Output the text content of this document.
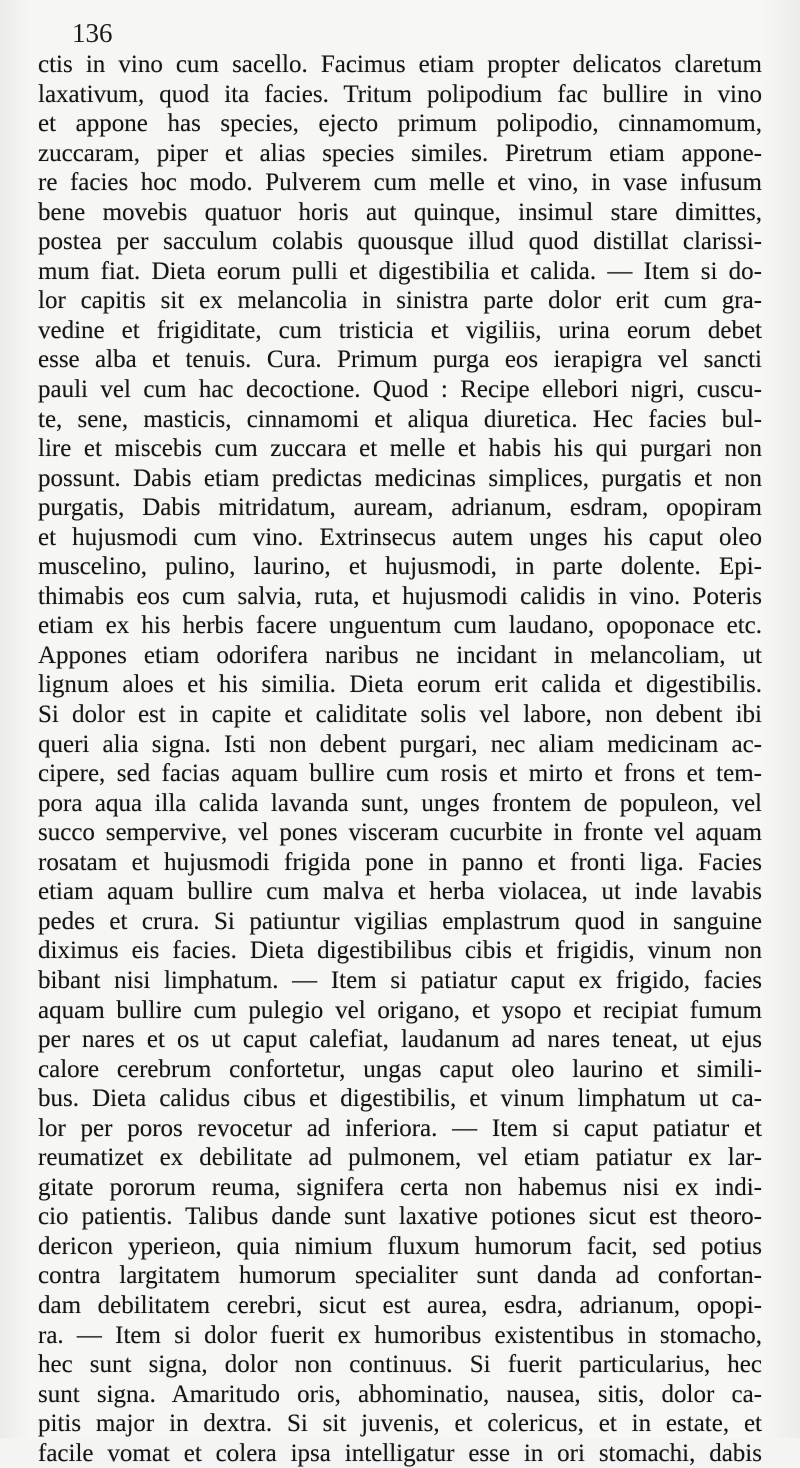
136
ctis in vino cum sacello. Facimus etiam propter delicatos claretum
laxativum, quod ita facies. Tritum polipodium fac bullire in vino
et appone has species, ejecto primum polipodio, cinnamomum,
zuccaram, piper et alias species similes. Piretrum etiam appone-
re facies hoc modo. Pulverem cum melle et vino, in vase infusum
bene movebis quatuor horis aut quinque, insimul stare dimittes,
postea per sacculum colabis quousque illud quod distillat clarissi-
mum fiat. Dieta eorum pulli et digestibilia et calida. — Item si do-
lor capitis sit ex melancolia in sinistra parte dolor erit cum gra-
vedine et frigiditate, cum tristicia et vigiliis, urina eorum debet
esse alba et tenuis. Cura. Primum purga eos ierapigra vel sancti
pauli vel cum hac decoctione. Quod : Recipe ellebori nigri, cuscu-
te, sene, masticis, cinnamomi et aliqua diuretica. Hec facies bul-
lire et miscebis cum zuccara et melle et habis his qui purgari non
possunt. Dabis etiam predictas medicinas simplices, purgatis et non
purgatis, Dabis mitridatum, auream, adrianum, esdram, opopiram
et hujusmodi cum vino. Extrinsecus autem unges his caput oleo
muscelino, pulino, laurino, et hujusmodi, in parte dolente. Epi-
thimabis eos cum salvia, ruta, et hujusmodi calidis in vino. Poteris
etiam ex his herbis facere unguentum cum laudano, opoponace etc.
Appones etiam odorifera naribus ne incidant in melancoliam, ut
lignum aloes et his similia. Dieta eorum erit calida et digestibilis.
Si dolor est in capite et caliditate solis vel labore, non debent ibi
queri alia signa. Isti non debent purgari, nec aliam medicinam ac-
cipere, sed facias aquam bullire cum rosis et mirto et frons et tem-
pora aqua illa calida lavanda sunt, unges frontem de populeon, vel
succo sempervive, vel pones visceram cucurbite in fronte vel aquam
rosatam et hujusmodi frigida pone in panno et fronti liga. Facies
etiam aquam bullire cum malva et herba violacea, ut inde lavabis
pedes et crura. Si patiuntur vigilias emplastrum quod in sanguine
diximus eis facies. Dieta digestibilibus cibis et frigidis, vinum non
bibant nisi limphatum. — Item si patiatur caput ex frigido, facies
aquam bullire cum pulegio vel origano, et ysopo et recipiat fumum
per nares et os ut caput calefiat, laudanum ad nares teneat, ut ejus
calore cerebrum confortetur, ungas caput oleo laurino et simili-
bus. Dieta calidus cibus et digestibilis, et vinum limphatum ut ca-
lor per poros revocetur ad inferiora. — Item si caput patiatur et
reumatizet ex debilitate ad pulmonem, vel etiam patiatur ex lar-
gitate pororum reuma, signifera certa non habemus nisi ex indi-
cio patientis. Talibus dande sunt laxative potiones sicut est theoro-
dericon yperieon, quia nimium fluxum humorum facit, sed potius
contra largitatem humorum specialiter sunt danda ad confortan-
dam debilitatem cerebri, sicut est aurea, esdra, adrianum, opopi-
ra. — Item si dolor fuerit ex humoribus existentibus in stomacho,
hec sunt signa, dolor non continuus. Si fuerit particularius, hec
sunt signa. Amaritudo oris, abhominatio, nausea, sitis, dolor ca-
pitis major in dextra. Si sit juvenis, et colericus, et in estate, et
facile vomat et colera ipsa intelligatur esse in ori stomachi, dabis
